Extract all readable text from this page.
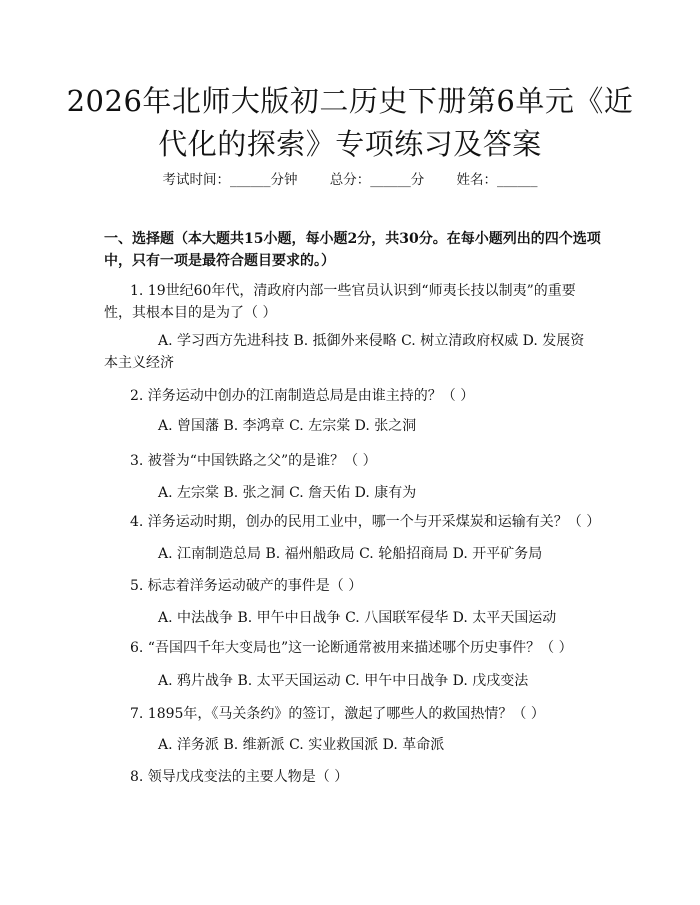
2026年北师大版初二历史下册第6单元《近
代化的探索》专项练习及答案
考试时间：______分钟 总分：______分 姓名：______
一、选择题（本大题共15小题，每小题2分，共30分。在每小题列出的四个选项中，只有一项是最符合题目要求的。）
1. 19世纪60年代，清政府内部一些官员认识到“师夷长技以制夷”的重要性，其根本目的是为了（ ）
A. 学习西方先进科技 B. 抵御外来侵略 C. 树立清政府权威 D. 发展资本主义经济
2. 洋务运动中创办的江南制造总局是由谁主持的？（ ）
A. 曾国藩 B. 李鸿章 C. 左宗棠 D. 张之洞
3. 被誉为“中国铁路之父”的是谁？（ ）
A. 左宗棠 B. 张之洞 C. 詹天佑 D. 康有为
4. 洋务运动时期，创办的民用工业中，哪一个与开采煤炭和运输有关？（ ）
A. 江南制造总局 B. 福州船政局 C. 轮船招商局 D. 开平矿务局
5. 标志着洋务运动破产的事件是（ ）
A. 中法战争 B. 甲午中日战争 C. 八国联军侵华 D. 太平天国运动
6. “吾国四千年大变局也”这一论断通常被用来描述哪个历史事件？（ ）
A. 鸦片战争 B. 太平天国运动 C. 甲午中日战争 D. 戊戌变法
7. 1895年，《马关条约》的签订，激起了哪些人的救国热情？（ ）
A. 洋务派 B. 维新派 C. 实业救国派 D. 革命派
8. 领导戊戌变法的主要人物是（ ）
